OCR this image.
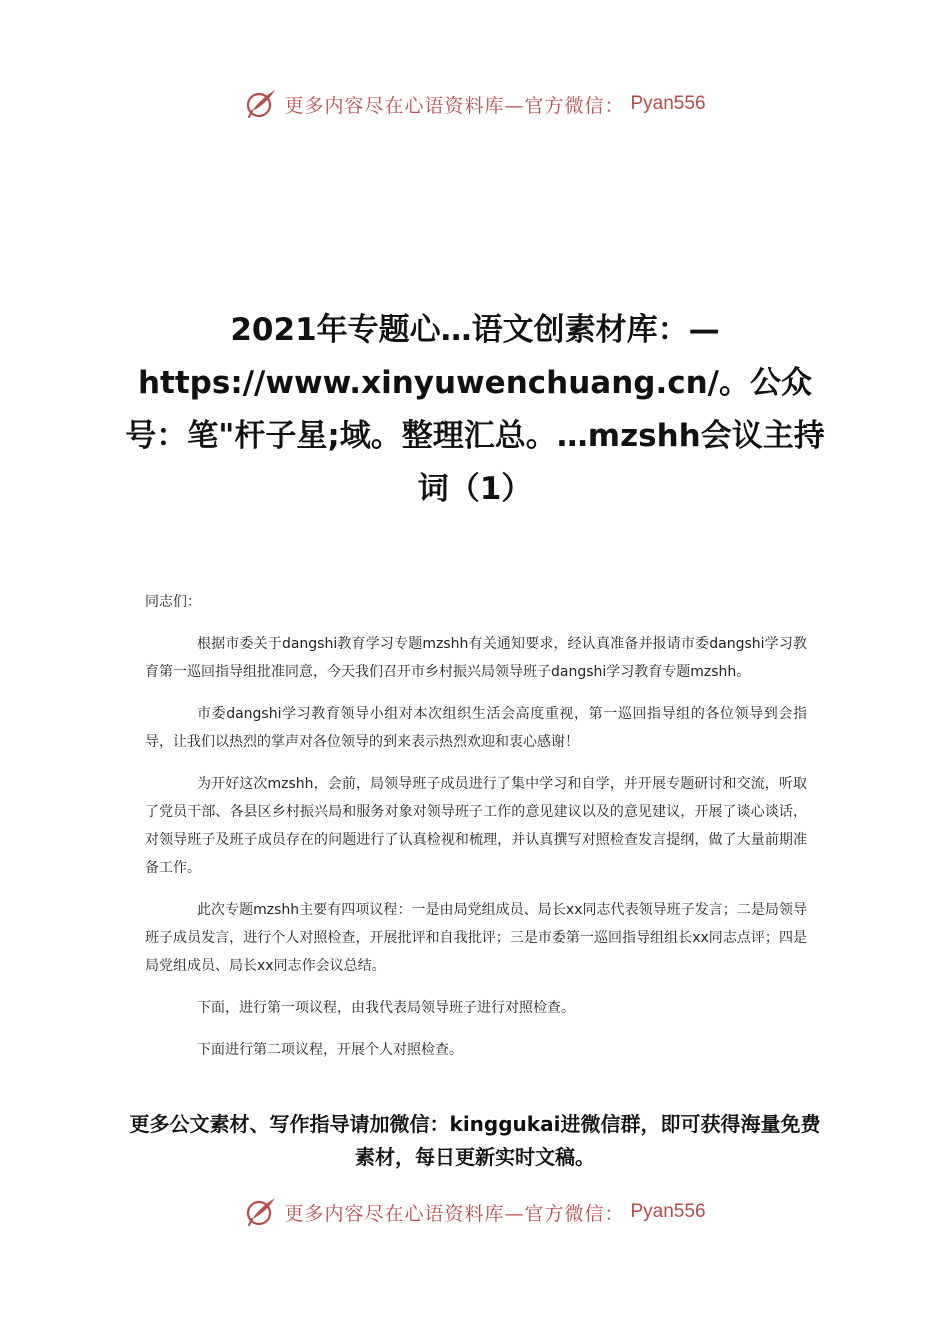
更多内容尽在心语资料库—官方微信： Pyan556
2021年专题心…语文创素材库：—https://www.xinyuwenchuang.cn/。公众号：笔"杆子星;域。整理汇总。…mzshh会议主持词（1）

同志们：

根据市委关于dangshi教育学习专题mzshh有关通知要求，经认真准备并报请市委dangshi学习教育第一巡回指导组批准同意，今天我们召开市乡村振兴局领导班子dangshi学习教育专题mzshh。

市委dangshi学习教育领导小组对本次组织生活会高度重视，第一巡回指导组的各位领导到会指导，让我们以热烈的掌声对各位领导的到来表示热烈欢迎和衷心感谢！

为开好这次mzshh，会前，局领导班子成员进行了集中学习和自学，并开展专题研讨和交流，听取了党员干部、各县区乡村振兴局和服务对象对领导班子工作的意见建议以及的意见建议，开展了谈心谈话，对领导班子及班子成员存在的问题进行了认真检视和梳理，并认真撰写对照检查发言提纲，做了大量前期准备工作。

此次专题mzshh主要有四项议程：一是由局党组成员、局长xx同志代表领导班子发言；二是局领导班子成员发言，进行个人对照检查，开展批评和自我批评；三是市委第一巡回指导组组长xx同志点评；四是局党组成员、局长xx同志作会议总结。

下面，进行第一项议程，由我代表局领导班子进行对照检查。

下面进行第二项议程，开展个人对照检查。

更多公文素材、写作指导请加微信：kinggukai进微信群，即可获得海量免费素材，每日更新实时文稿。
更多内容尽在心语资料库—官方微信： Pyan556
